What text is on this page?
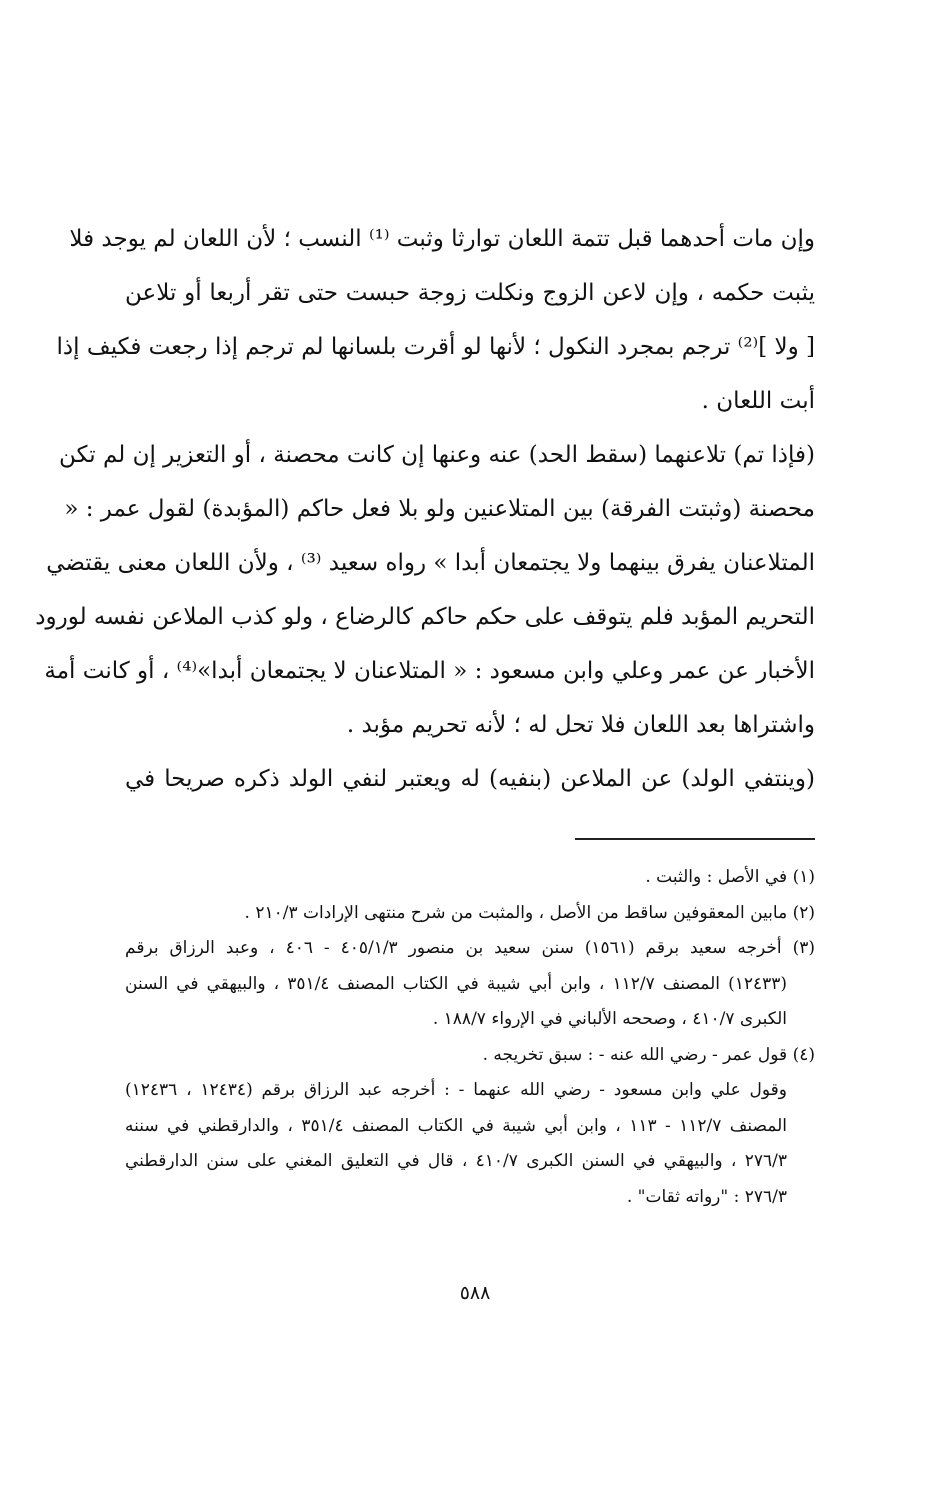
وإن مات أحدهما قبل تتمة اللعان توارثا وثبت ⁽¹⁾ النسب ؛ لأن اللعان لم يوجد فلا
يثبت حكمه ، وإن لاعن الزوج ونكلت زوجة حبست حتى تقر أربعا أو تلاعن
[ ولا ]⁽²⁾ ترجم بمجرد النكول ؛ لأنها لو أقرت بلسانها لم ترجم إذا رجعت فكيف إذا
أبت اللعان .
(فإذا تم) تلاعنهما (سقط الحد) عنه وعنها إن كانت محصنة ، أو التعزير إن لم تكن
محصنة (وثبتت الفرقة) بين المتلاعنين ولو بلا فعل حاكم (المؤبدة) لقول عمر : «
المتلاعنان يفرق بينهما ولا يجتمعان أبدا » رواه سعيد ⁽³⁾ ، ولأن اللعان معنى يقتضي
التحريم المؤبد فلم يتوقف على حكم حاكم كالرضاع ، ولو كذب الملاعن نفسه لورود
الأخبار عن عمر وعلي وابن مسعود : « المتلاعنان لا يجتمعان أبدا»⁽⁴⁾ ، أو كانت أمة
واشتراها بعد اللعان فلا تحل له ؛ لأنه تحريم مؤبد .
(وينتفي الولد) عن الملاعن (بنفيه) له ويعتبر لنفي الولد ذكره صريحا في
(١) في الأصل : والثبت .
(٢) مابين المعقوفين ساقط من الأصل ، والمثبت من شرح منتهى الإرادات ٢١٠/٣ .
(٣) أخرجه سعيد برقم (١٥٦١) سنن سعيد بن منصور ٤٠٥/١/٣ - ٤٠٦ ، وعبد الرزاق برقم
(١٢٤٣٣) المصنف ١١٢/٧ ، وابن أبي شيبة في الكتاب المصنف ٣٥١/٤ ، والبيهقي في السنن
الكبرى ٤١٠/٧ ، وصححه الألباني في الإرواء ١٨٨/٧ .
(٤) قول عمر - رضي الله عنه - : سبق تخريجه .
وقول علي وابن مسعود - رضي الله عنهما - : أخرجه عبد الرزاق برقم (١٢٤٣٤ ، ١٢٤٣٦)
المصنف ١١٢/٧ - ١١٣ ، وابن أبي شيبة في الكتاب المصنف ٣٥١/٤ ، والدارقطني في سننه
٢٧٦/٣ ، والبيهقي في السنن الكبرى ٤١٠/٧ ، قال في التعليق المغني على سنن الدارقطني
٢٧٦/٣ : "رواته ثقات" .
٥٨٨
